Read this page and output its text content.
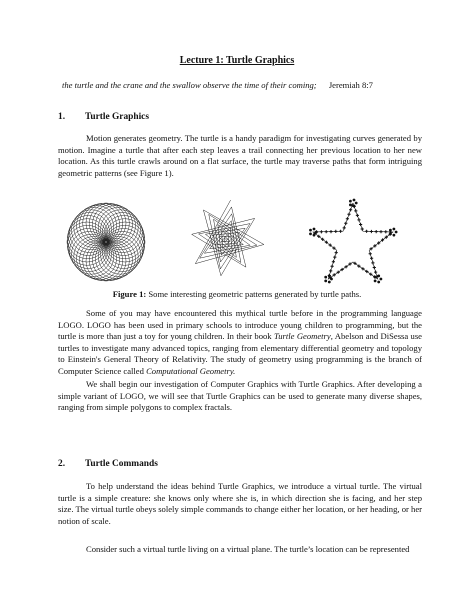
Lecture 1: Turtle Graphics
the turtle and the crane and the swallow observe the time of their coming; Jeremiah 8:7
1. Turtle Graphics
Motion generates geometry. The turtle is a handy paradigm for investigating curves generated by motion. Imagine a turtle that after each step leaves a trail connecting her previous location to her new location. As this turtle crawls around on a flat surface, the turtle may traverse paths that form intriguing geometric patterns (see Figure 1).
Figure 1: Some interesting geometric patterns generated by turtle paths.
Some of you may have encountered this mythical turtle before in the programming language LOGO. LOGO has been used in primary schools to introduce young children to programming, but the turtle is more than just a toy for young children. In their book Turtle Geometry, Abelson and DiSessa use turtles to investigate many advanced topics, ranging from elementary differential geometry and topology to Einstein's General Theory of Relativity. The study of geometry using programming is the branch of Computer Science called Computational Geometry.
We shall begin our investigation of Computer Graphics with Turtle Graphics. After developing a simple variant of LOGO, we will see that Turtle Graphics can be used to generate many diverse shapes, ranging from simple polygons to complex fractals.
2. Turtle Commands
To help understand the ideas behind Turtle Graphics, we introduce a virtual turtle. The virtual turtle is a simple creature: she knows only where she is, in which direction she is facing, and her step size. The virtual turtle obeys solely simple commands to change either her location, or her heading, or her notion of scale.
Consider such a virtual turtle living on a virtual plane. The turtle’s location can be represented
